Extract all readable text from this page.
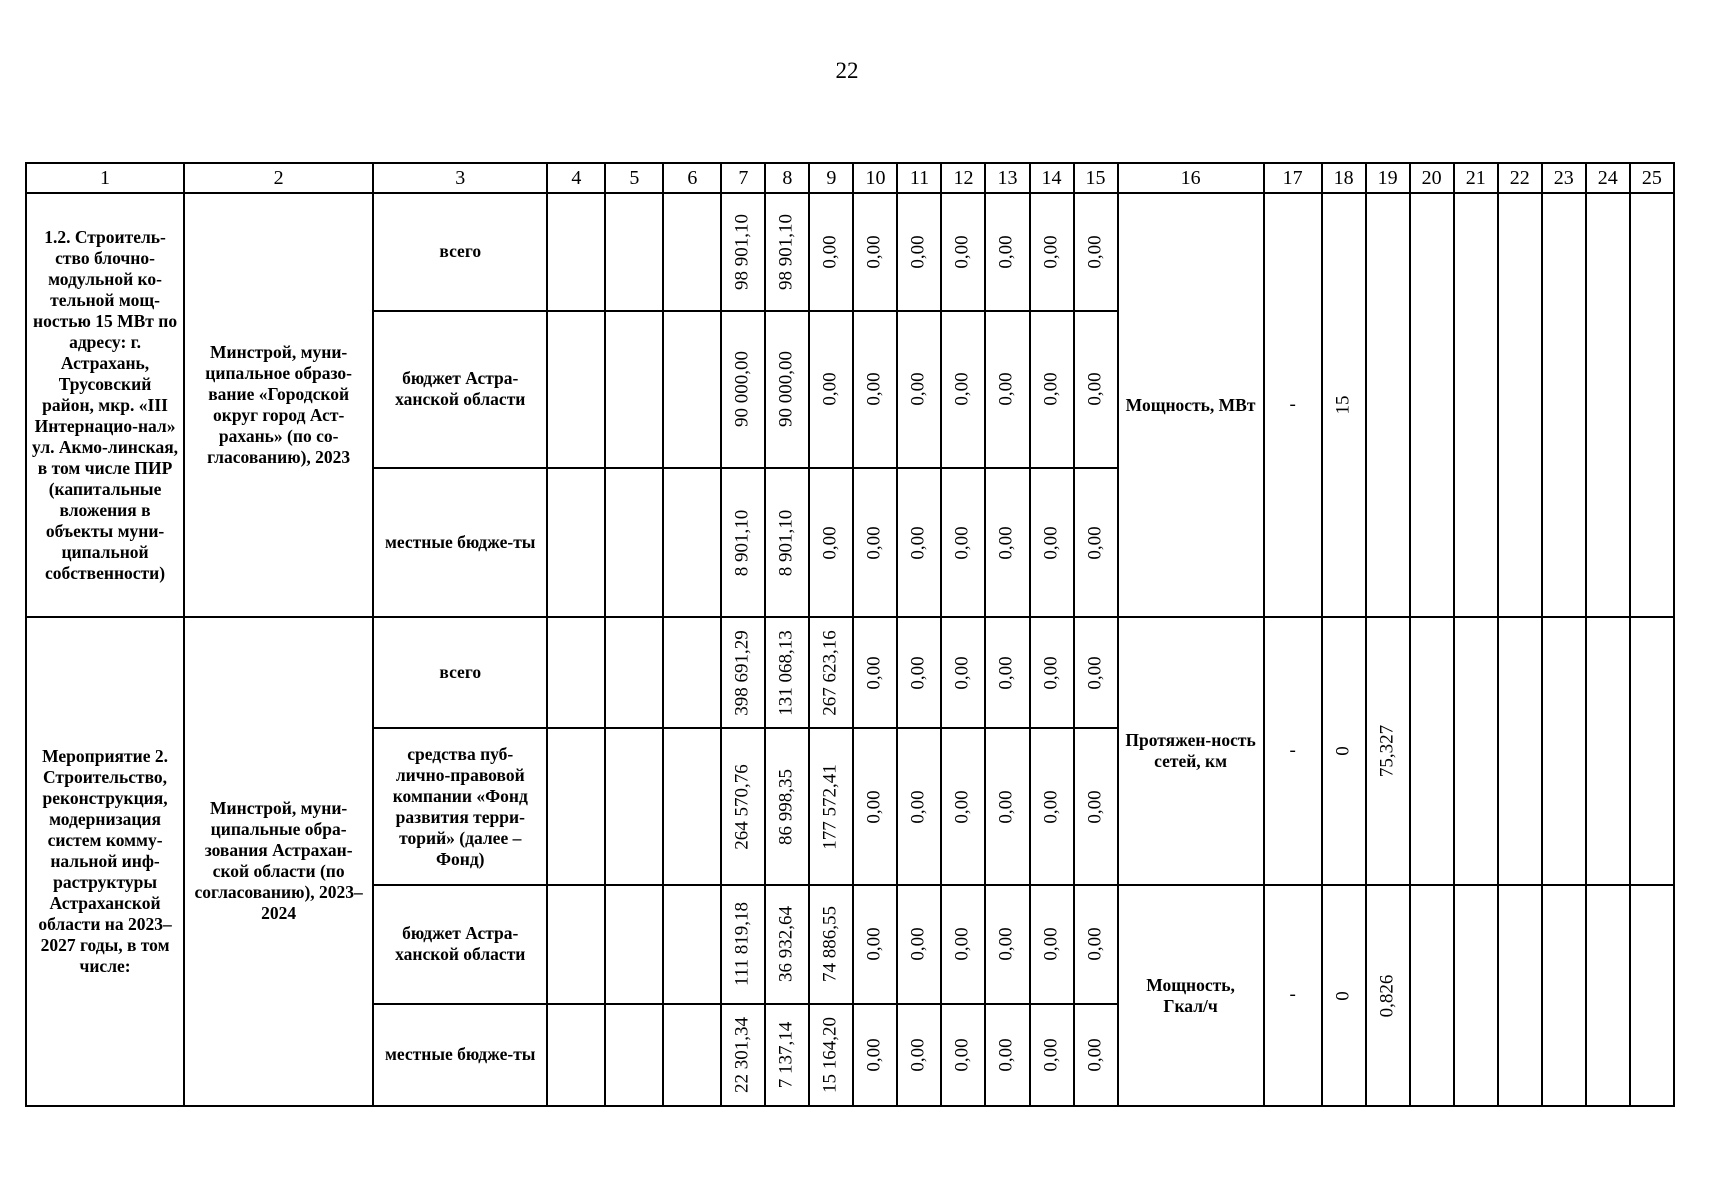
22
1	2	3	4	5	6	7	8	9	10	11	12	13	14	15	16	17	18	19	20	21	22	23	24	25
1.2. Строитель-ство блочно-модульной ко-тельной мощ-ностью 15 МВт по адресу: г. Астрахань, Трусовский район, мкр. «III Интернацио-нал» ул. Акмо-линская, в том числе ПИР (капитальные вложения в объекты муни-ципальной собственности)	Минстрой, муни-ципальное образо-вание «Городской округ город Аст-рахань» (по со-гласованию), 2023	всего				98 901,10	98 901,10	0,00	0,00	0,00	0,00	0,00	0,00	0,00	Мощность, МВт	-	15							

		бюджет Астра-ханской области				90 000,00	90 000,00	0,00	0,00	0,00	0,00	0,00	0,00	0,00										

		местные бюдже-ты				8 901,10	8 901,10	0,00	0,00	0,00	0,00	0,00	0,00	0,00										

Мероприятие 2. Строительство, реконструкция, модернизация систем комму-нальной инф-раструктуры Астраханской области на 2023–2027 годы, в том числе:	Минстрой, муни-ципальные обра-зования Астрахан-ской области (по согласованию), 2023–2024	всего				398 691,29	131 068,13	267 623,16	0,00	0,00	0,00	0,00	0,00	0,00	Протяжен-ность сетей, км	-	0	75,327						

		средства пуб-лично-правовой компании «Фонд развития терри-торий» (далее – Фонд)				264 570,76	86 998,35	177 572,41	0,00	0,00	0,00	0,00	0,00	0,00										

		бюджет Астра-ханской области				111 819,18	36 932,64	74 886,55	0,00	0,00	0,00	0,00	0,00	0,00	Мощность, Гкал/ч	-	0	0,826						

		местные бюдже-ты				22 301,34	7 137,14	15 164,20	0,00	0,00	0,00	0,00	0,00	0,00										
